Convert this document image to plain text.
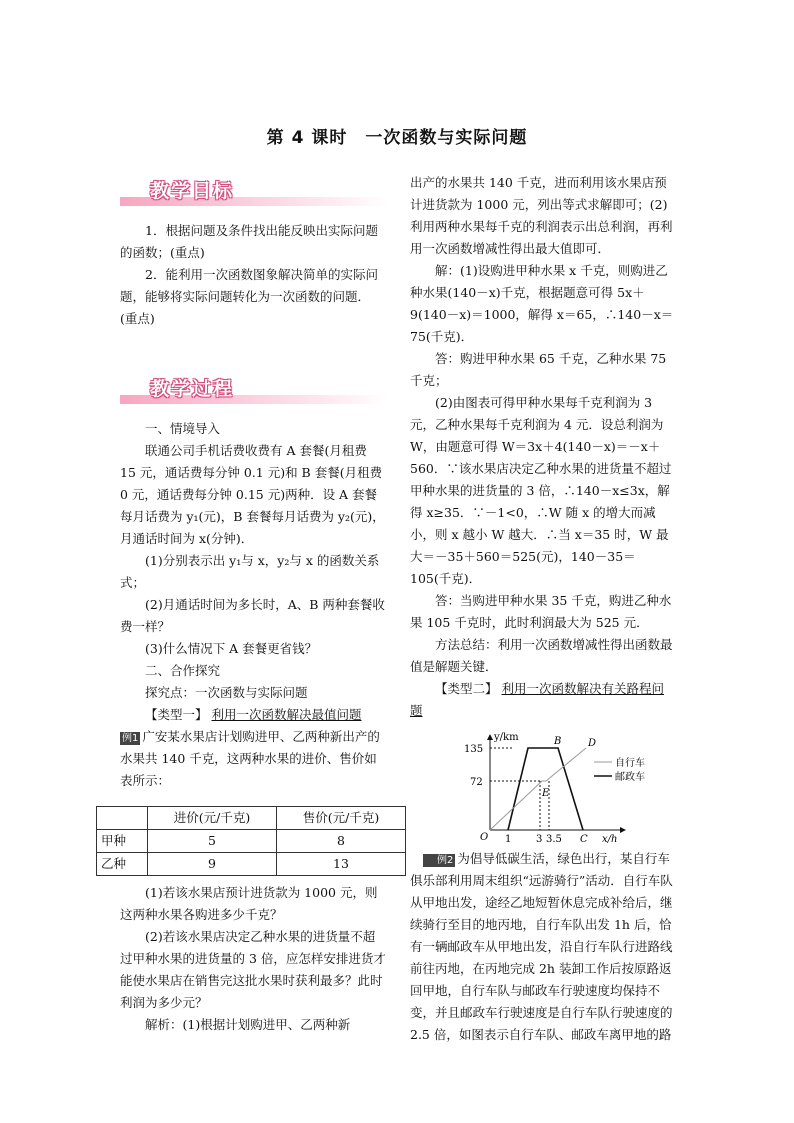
第 4 课时　一次函数与实际问题
教学目标

1．根据问题及条件找出能反映出实际问题的函数；(重点)

2．能利用一次函数图象解决简单的实际问题，能够将实际问题转化为一次函数的问题．(重点)

教学过程

一、情境导入

联通公司手机话费收费有 A 套餐(月租费 15 元，通话费每分钟 0.1 元)和 B 套餐(月租费 0 元，通话费每分钟 0.15 元)两种．设 A 套餐每月话费为 y₁(元)，B 套餐每月话费为 y₂(元)，月通话时间为 x(分钟)．

(1)分别表示出 y₁与 x，y₂与 x 的函数关系式；

(2)月通话时间为多长时，A、B 两种套餐收费一样？

(3)什么情况下 A 套餐更省钱？

二、合作探究

探究点：一次函数与实际问题

【类型一】 利用一次函数解决最值问题

例1 广安某水果店计划购进甲、乙两种新出产的水果共 140 千克，这两种水果的进价、售价如表所示：

	进价(元/千克)	售价(元/千克)
甲种	5	8
乙种	9	13

(1)若该水果店预计进货款为 1000 元，则这两种水果各购进多少千克？

(2)若该水果店决定乙种水果的进货量不超过甲种水果的进货量的 3 倍，应怎样安排进货才能使水果店在销售完这批水果时获利最多？此时利润为多少元？

解析：(1)根据计划购进甲、乙两种新

出产的水果共 140 千克，进而利用该水果店预计进货款为 1000 元，列出等式求解即可；(2)利用两种水果每千克的利润表示出总利润，再利用一次函数增减性得出最大值即可．

解：(1)设购进甲种水果 x 千克，则购进乙种水果(140－x)千克，根据题意可得 5x＋9(140－x)＝1000，解得 x＝65，∴140－x＝75(千克)．

答：购进甲种水果 65 千克，乙种水果 75 千克；

(2)由图表可得甲种水果每千克利润为 3 元，乙种水果每千克利润为 4 元．设总利润为 W，由题意可得 W＝3x＋4(140－x)＝－x＋560．∵该水果店决定乙种水果的进货量不超过甲种水果的进货量的 3 倍，∴140－x≤3x，解得 x≥35．∵－1<0，∴W 随 x 的增大而减小，则 x 越小 W 越大．∴当 x＝35 时，W 最大＝－35＋560＝525(元)，140－35＝105(千克)．

答：当购进甲种水果 35 千克，购进乙种水果 105 千克时，此时利润最大为 525 元．

方法总结：利用一次函数增减性得出函数最值是解题关键．

【类型二】 利用一次函数解决有关路程问题

y/km
x/h
O
135
72
1 3 3.5
B	D
E
C
自行车
邮政车

例2 为倡导低碳生活，绿色出行，某自行车俱乐部利用周末组织“远游骑行”活动．自行车队从甲地出发，途经乙地短暂休息完成补给后，继续骑行至目的地丙地，自行车队出发 1h 后，恰有一辆邮政车从甲地出发，沿自行车队行进路线前往丙地，在丙地完成 2h 装卸工作后按原路返回甲地，自行车队与邮政车行驶速度均保持不变，并且邮政车行驶速度是自行车队行驶速度的 2.5 倍，如图表示自行车队、邮政车离甲地的路
